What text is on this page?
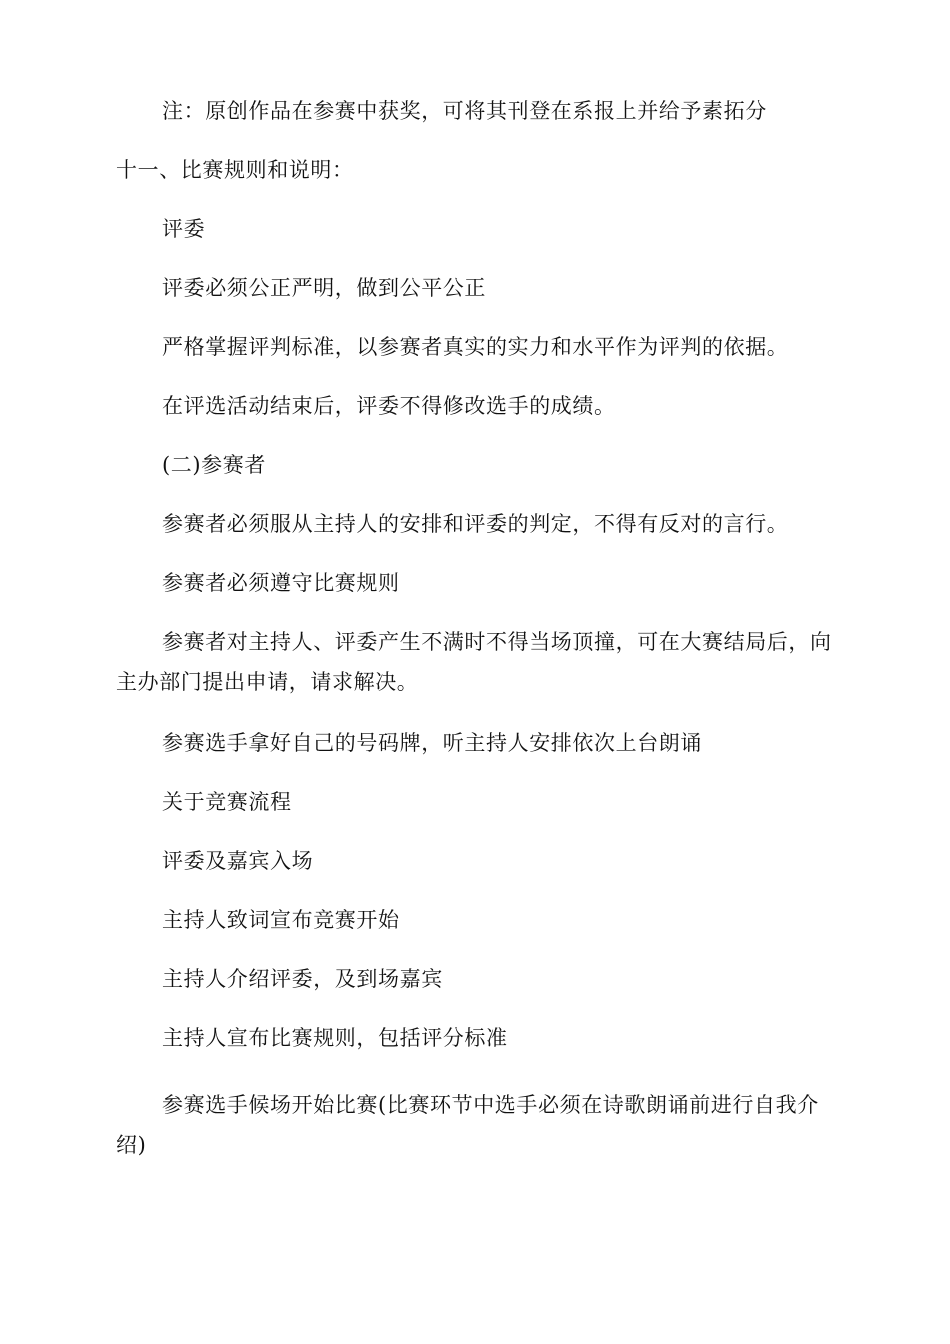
注：原创作品在参赛中获奖，可将其刊登在系报上并给予素拓分
十一、比赛规则和说明：
评委
评委必须公正严明，做到公平公正
严格掌握评判标准，以参赛者真实的实力和水平作为评判的依据。
在评选活动结束后，评委不得修改选手的成绩。
(二)参赛者
参赛者必须服从主持人的安排和评委的判定，不得有反对的言行。
参赛者必须遵守比赛规则
参赛者对主持人、评委产生不满时不得当场顶撞，可在大赛结局后，向主办部门提出申请，请求解决。
参赛选手拿好自己的号码牌，听主持人安排依次上台朗诵
关于竞赛流程
评委及嘉宾入场
主持人致词宣布竞赛开始
主持人介绍评委，及到场嘉宾
主持人宣布比赛规则，包括评分标准
参赛选手候场开始比赛(比赛环节中选手必须在诗歌朗诵前进行自我介绍)
